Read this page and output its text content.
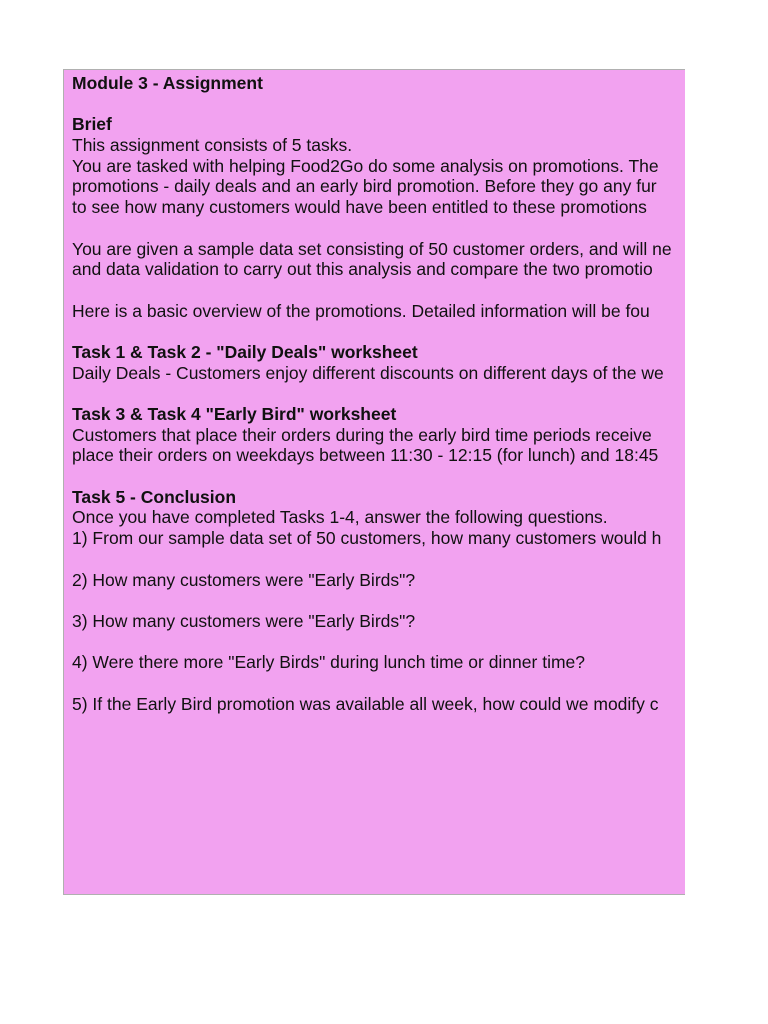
Module 3 - Assignment
Brief
This assignment consists of 5 tasks.
You are tasked with helping Food2Go do some analysis on promotions. The
promotions - daily deals and an early bird promotion. Before they go any fur
to see how many customers would have been entitled to these promotions
You are given a sample data set consisting of 50 customer orders, and will ne
and data validation to carry out this analysis and compare the two promotio
Here is a basic overview of the promotions. Detailed information will be fou
Task 1 & Task 2 - "Daily Deals" worksheet
Daily Deals - Customers enjoy different discounts on different days of the we
Task 3 & Task 4 "Early Bird" worksheet
Customers that place their orders during the early bird time periods receive
place their orders on weekdays between 11:30 - 12:15 (for lunch) and 18:45
Task 5 - Conclusion
Once you have completed Tasks 1-4, answer the following questions.
1) From our sample data set of 50 customers, how many customers would h
2) How many customers were "Early Birds"?
3) How many customers were "Early Birds"?
4) Were there more "Early Birds" during lunch time or dinner time?
5) If the Early Bird promotion was available all week, how could we modify c
